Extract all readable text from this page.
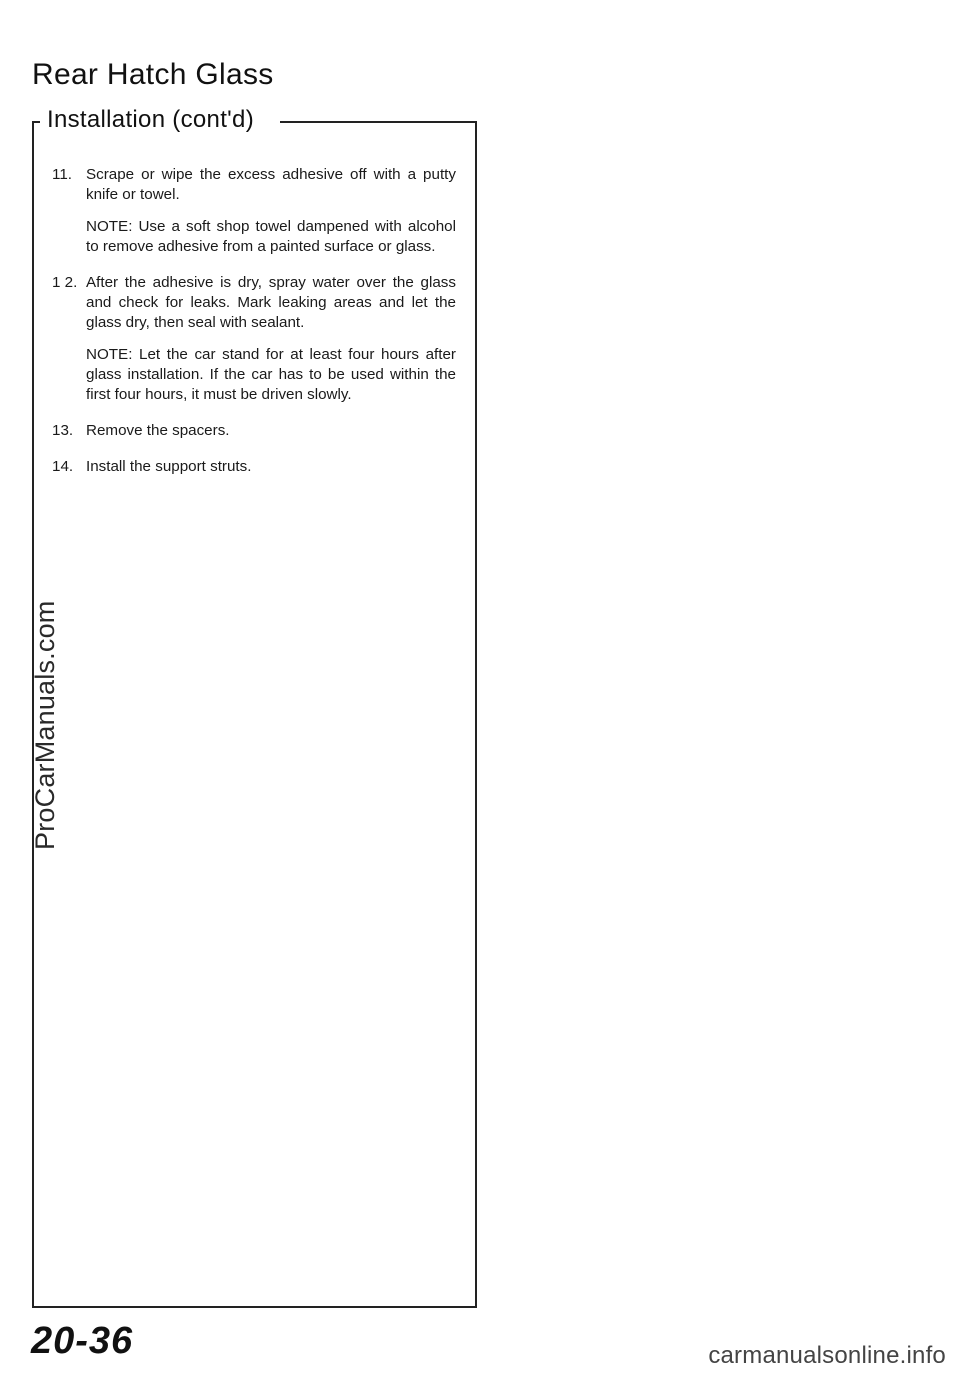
Rear Hatch Glass
Installation (cont'd)
11. Scrape or wipe the excess adhesive off with a putty knife or towel.
NOTE: Use a soft shop towel dampened with alcohol to remove adhesive from a painted surface or glass.
1 2. After the adhesive is dry, spray water over the glass and check for leaks. Mark leaking areas and let the glass dry, then seal with sealant.
NOTE: Let the car stand for at least four hours after glass installation. If the car has to be used within the first four hours, it must be driven slowly.
13. Remove the spacers.
14. Install the support struts.
ProCarManuals.com
20-36	carmanualsonline.info
